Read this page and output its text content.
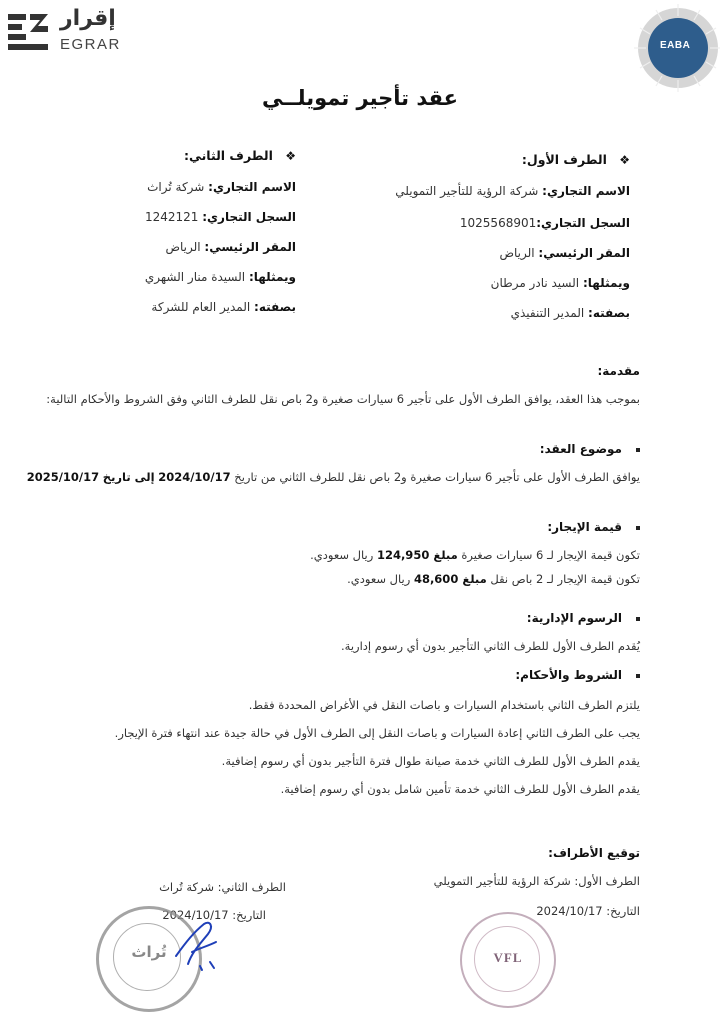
إقرار
EGRAR	EABA
عقد تأجير تمويلــي
❖ الطرف الأول:
الاسم التجاري: شركة الرؤية للتأجير التمويلي
السجل التجاري:1025568901
المقر الرئيسي: الرياض
ويمثلها: السيد نادر مرطان
بصفته: المدير التنفيذي
❖ الطرف الثاني:
الاسم التجاري: شركة تُراث
السجل التجاري: 1242121
المقر الرئيسي: الرياض
ويمثلها: السيدة منار الشهري
بصفته: المدير العام للشركة
مقدمة:
بموجب هذا العقد، يوافق الطرف الأول على تأجير 6 سيارات صغيرة و2 باص نقل للطرف الثاني وفق الشروط والأحكام التالية:
موضوع العقد:
يوافق الطرف الأول على تأجير 6 سيارات صغيرة و2 باص نقل للطرف الثاني من تاريخ 2024/10/17 إلى تاريخ 2025/10/17
قيمة الإيجار:
تكون قيمة الإيجار لـ 6 سيارات صغيرة مبلغ 124,950 ريال سعودي.
تكون قيمة الإيجار لـ 2 باص نقل مبلغ 48,600 ريال سعودي.
الرسوم الإدارية:
يُقدم الطرف الأول للطرف الثاني التأجير بدون أي رسوم إدارية.
الشروط والأحكام:
يلتزم الطرف الثاني باستخدام السيارات و باصات النقل في الأغراض المحددة فقط.
يجب على الطرف الثاني إعادة السيارات و باصات النقل إلى الطرف الأول في حالة جيدة عند انتهاء فترة الإيجار.
يقدم الطرف الأول للطرف الثاني خدمة صيانة طوال فترة التأجير بدون أي رسوم إضافية.
يقدم الطرف الأول للطرف الثاني خدمة تأمين شامل بدون أي رسوم إضافية.
توقيع الأطراف:
الطرف الأول: شركة الرؤية للتأجير التمويلي
التاريخ: 2024/10/17
الطرف الثاني: شركة تُراث
التاريخ: 2024/10/17
VFL
تُراث
